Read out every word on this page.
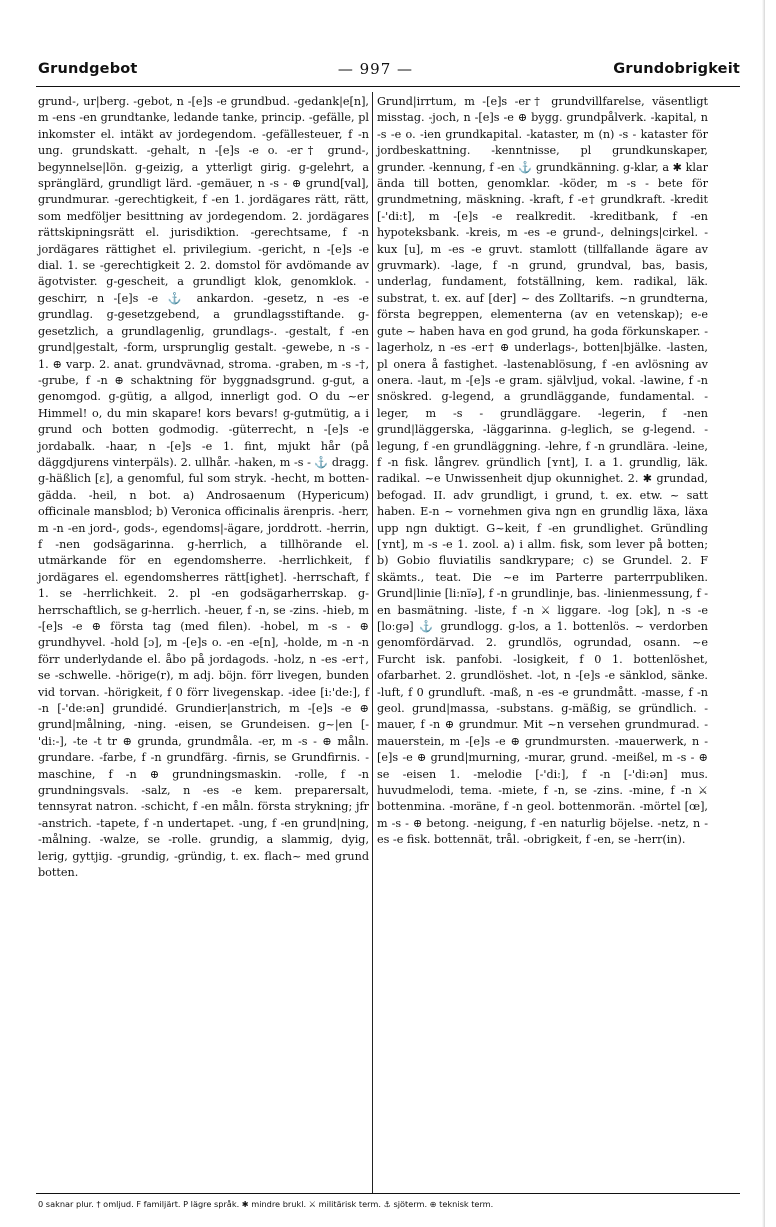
Grundgebot	— 997 —	Grundobrigkeit

grund-, ur|berg. -gebot, n -[e]s -e grundbud. -gedank|e[n], m -ens -en grundtanke, ledande tanke, princip. -gefälle, pl inkomster el. intäkt av jordegendom. -gefällesteuer, f -n ung. grundskatt. -gehalt, n -[e]s -e o. -er† grund-, begynnelse|lön. g-geizig, a ytterligt girig. g-gelehrt, a spränglärd, grundligt lärd. -gemäuer, n -s - ⊕ grund[val], grundmurar. -gerechtigkeit, f -en 1. jordägares rätt, rätt, som medföljer besittning av jordegendom. 2. jordägares rättskipningsrätt el. jurisdiktion. -gerechtsame, f -n jordägares rättighet el. privilegium. -gericht, n -[e]s -e dial. 1. se -gerechtigkeit 2. 2. domstol för avdömande av ägotvister. g-gescheit, a grundligt klok, genomklok. -geschirr, n -[e]s -e ⚓ ankardon. -gesetz, n -es -e grundlag. g-gesetzgebend, a grundlagsstiftande. g-gesetzlich, a grundlagenlig, grundlags-. -gestalt, f -en grund|gestalt, -form, ursprunglig gestalt. -gewebe, n -s - 1. ⊕ varp. 2. anat. grundvävnad, stroma. -graben, m -s -†, -grube, f -n ⊕ schaktning för byggnadsgrund. g-gut, a genomgod. g-gütig, a allgod, innerligt god. O du ~er Himmel! o, du min skapare! kors bevars! g-gutmütig, a i grund och botten godmodig. -güterrecht, n -[e]s -e jordabalk. -haar, n -[e]s -e 1. fint, mjukt hår (på däggdjurens vinterpäls). 2. ullhår. -haken, m -s - ⚓ dragg. g-häßlich [ɛ], a genomful, ful som stryk. -hecht, m botten-gädda. -heil, n bot. a) Androsaenum (Hypericum) officinale mansblod; b) Veronica officinalis ärenpris. -herr, m -n -en jord-, gods-, egendoms|-ägare, jorddrott. -herrin, f -nen godsägarinna. g-herrlich, a tillhörande el. utmärkande för en egendomsherre. -herrlichkeit, f jordägares el. egendomsherres rätt[ighet]. -herrschaft, f 1. se -herrlichkeit. 2. pl -en godsägarherrskap. g-herrschaftlich, se g-herrlich. -heuer, f -n, se -zins. -hieb, m -[e]s -e ⊕ första tag (med filen). -hobel, m -s - ⊕ grundhyvel. -hold [ɔ], m -[e]s o. -en -e[n], -holde, m -n -n förr underlydande el. åbo på jordagods. -holz, n -es -er†, se -schwelle. -hörige(r), m adj. böjn. förr livegen, bunden vid torvan. -hörigkeit, f 0 förr livegenskap. -idee [i:'de:], f -n [-'de:ən] grundidé. Grundier|anstrich, m -[e]s -e ⊕ grund|målning, -ning. -eisen, se Grundeisen. g~|en [-'di:-], -te -t tr ⊕ grunda, grundmåla. -er, m -s - ⊕ måln. grundare. -farbe, f -n grundfärg. -firnis, se Grundfirnis. -maschine, f -n ⊕ grundningsmaskin. -rolle, f -n grundningsvals. -salz, n -es -e kem. preparersalt, tennsyrat natron. -schicht, f -en måln. första strykning; jfr -anstrich. -tapete, f -n undertapet. -ung, f -en grund|ning, -målning. -walze, se -rolle. grundig, a slammig, dyig, lerig, gyttjig. -grundig, -gründig, t. ex. flach~ med grund botten.

Grund|irrtum, m -[e]s -er† grundvillfarelse, väsentligt misstag. -joch, n -[e]s -e ⊕ bygg. grundpålverk. -kapital, n -s -e o. -ien grundkapital. -kataster, m (n) -s - kataster för jordbeskattning. -kenntnisse, pl grundkunskaper, grunder. -kennung, f -en ⚓ grundkänning. g-klar, a ✱ klar ända till botten, genomklar. -köder, m -s - bete för grundmetning, mäskning. -kraft, f -e† grundkraft. -kredit [-'di:t], m -[e]s -e realkredit. -kreditbank, f -en hypoteksbank. -kreis, m -es -e grund-, delnings|cirkel. -kux [u], m -es -e gruvt. stamlott (tillfallande ägare av gruvmark). -lage, f -n grund, grundval, bas, basis, underlag, fundament, fotställning, kem. radikal, läk. substrat, t. ex. auf [der] ~ des Zolltarifs. ~n grundterna, första begreppen, elementerna (av en vetenskap); e-e gute ~ haben hava en god grund, ha goda förkunskaper. -lagerholz, n -es -er† ⊕ underlags-, botten|bjälke. -lasten, pl onera å fastighet. -lastenablösung, f -en avlösning av onera. -laut, m -[e]s -e gram. självljud, vokal. -lawine, f -n snöskred. g-legend, a grundläggande, fundamental. -leger, m -s - grundläggare. -legerin, f -nen grund|läggerska, -läggarinna. g-leglich, se g-legend. -legung, f -en grundläggning. -lehre, f -n grundlära. -leine, f -n fisk. långrev. gründlich [ʏnt], I. a 1. grundlig, läk. radikal. ~e Unwissenheit djup okunnighet. 2. ✱ grundad, befogad. II. adv grundligt, i grund, t. ex. etw. ~ satt haben. E-n ~ vornehmen giva ngn en grundlig läxa, läxa upp ngn duktigt. G~keit, f -en grundlighet. Gründling [ʏnt], m -s -e 1. zool. a) i allm. fisk, som lever på botten; b) Gobio fluviatilis sandkrypare; c) se Grundel. 2. F skämts., teat. Die ~e im Parterre parterrpubliken. Grund|linie [li:nïə], f -n grundlinje, bas. -linienmessung, f -en basmätning. -liste, f -n ⚔ liggare. -log [ɔk], n -s -e [loːgə] ⚓ grundlogg. g-los, a 1. bottenlös. ~ verdorben genomfördärvad. 2. grundlös, ogrundad, osann. ~e Furcht isk. panfobi. -losigkeit, f 0 1. bottenlöshet, ofarbarhet. 2. grundlöshet. -lot, n -[e]s -e sänklod, sänke. -luft, f 0 grundluft. -maß, n -es -e grundmått. -masse, f -n geol. grund|massa, -substans. g-mäßig, se gründlich. -mauer, f -n ⊕ grundmur. Mit ~n versehen grundmurad. -mauerstein, m -[e]s -e ⊕ grundmursten. -mauerwerk, n -[e]s -e ⊕ grund|murning, -murar, grund. -meißel, m -s - ⊕ se -eisen 1. -melodie [-'di:], f -n [-'di:ən] mus. huvudmelodi, tema. -miete, f -n, se -zins. -mine, f -n ⚔ bottenmina. -moräne, f -n geol. bottenmorän. -mörtel [œ], m -s - ⊕ betong. -neigung, f -en naturlig böjelse. -netz, n -es -e fisk. bottennät, trål. -obrigkeit, f -en, se -herr(in).

0 saknar plur. † omljud. F familjärt. P lägre språk. ✱ mindre brukl. ⚔ militärisk term. ⚓ sjöterm. ⊕ teknisk term.
